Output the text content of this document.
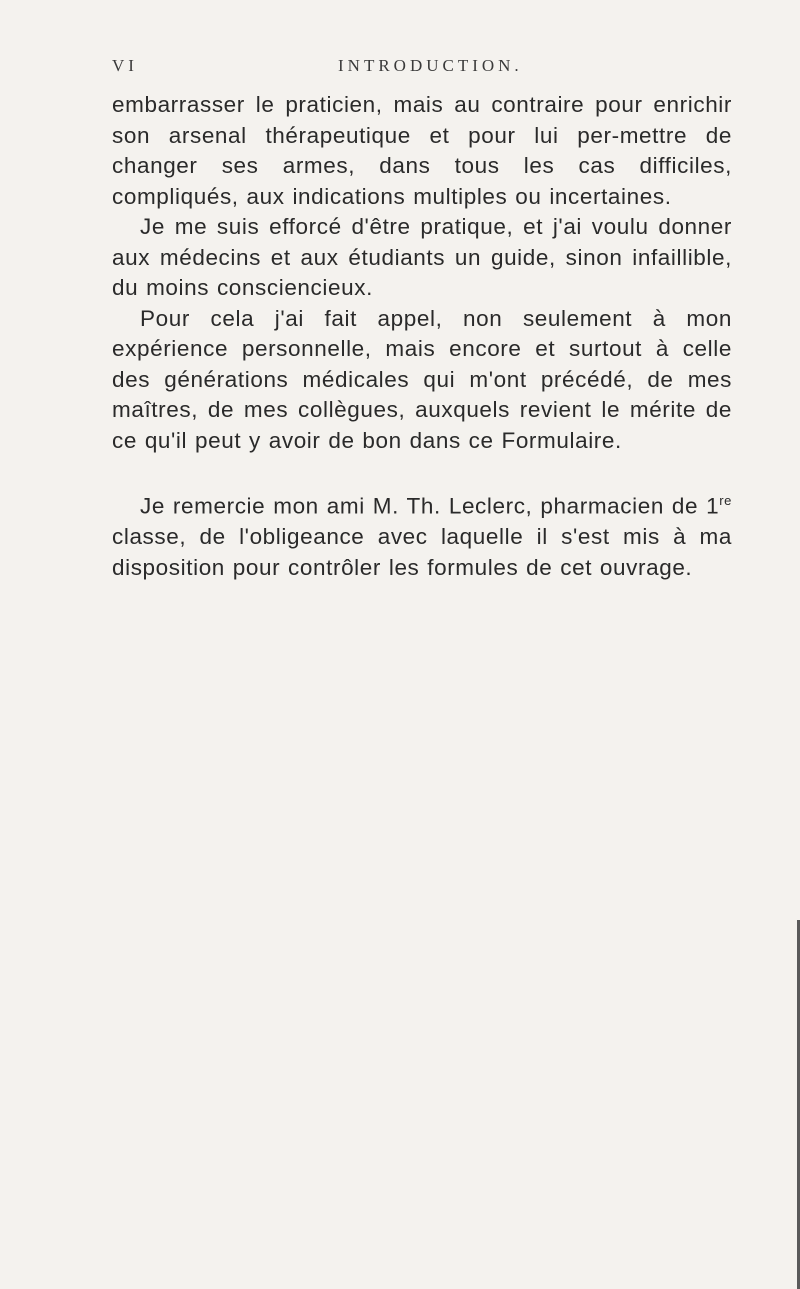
VI	INTRODUCTION.

embarrasser le praticien, mais au contraire pour enrichir son arsenal thérapeutique et pour lui per-mettre de changer ses armes, dans tous les cas difficiles, compliqués, aux indications multiples ou incertaines.

Je me suis efforcé d'être pratique, et j'ai voulu donner aux médecins et aux étudiants un guide, sinon infaillible, du moins consciencieux.

Pour cela j'ai fait appel, non seulement à mon expérience personnelle, mais encore et surtout à celle des générations médicales qui m'ont précédé, de mes maîtres, de mes collègues, auxquels revient le mérite de ce qu'il peut y avoir de bon dans ce Formulaire.

Je remercie mon ami M. Th. Leclerc, pharmacien de 1re classe, de l'obligeance avec laquelle il s'est mis à ma disposition pour contrôler les formules de cet ouvrage.
